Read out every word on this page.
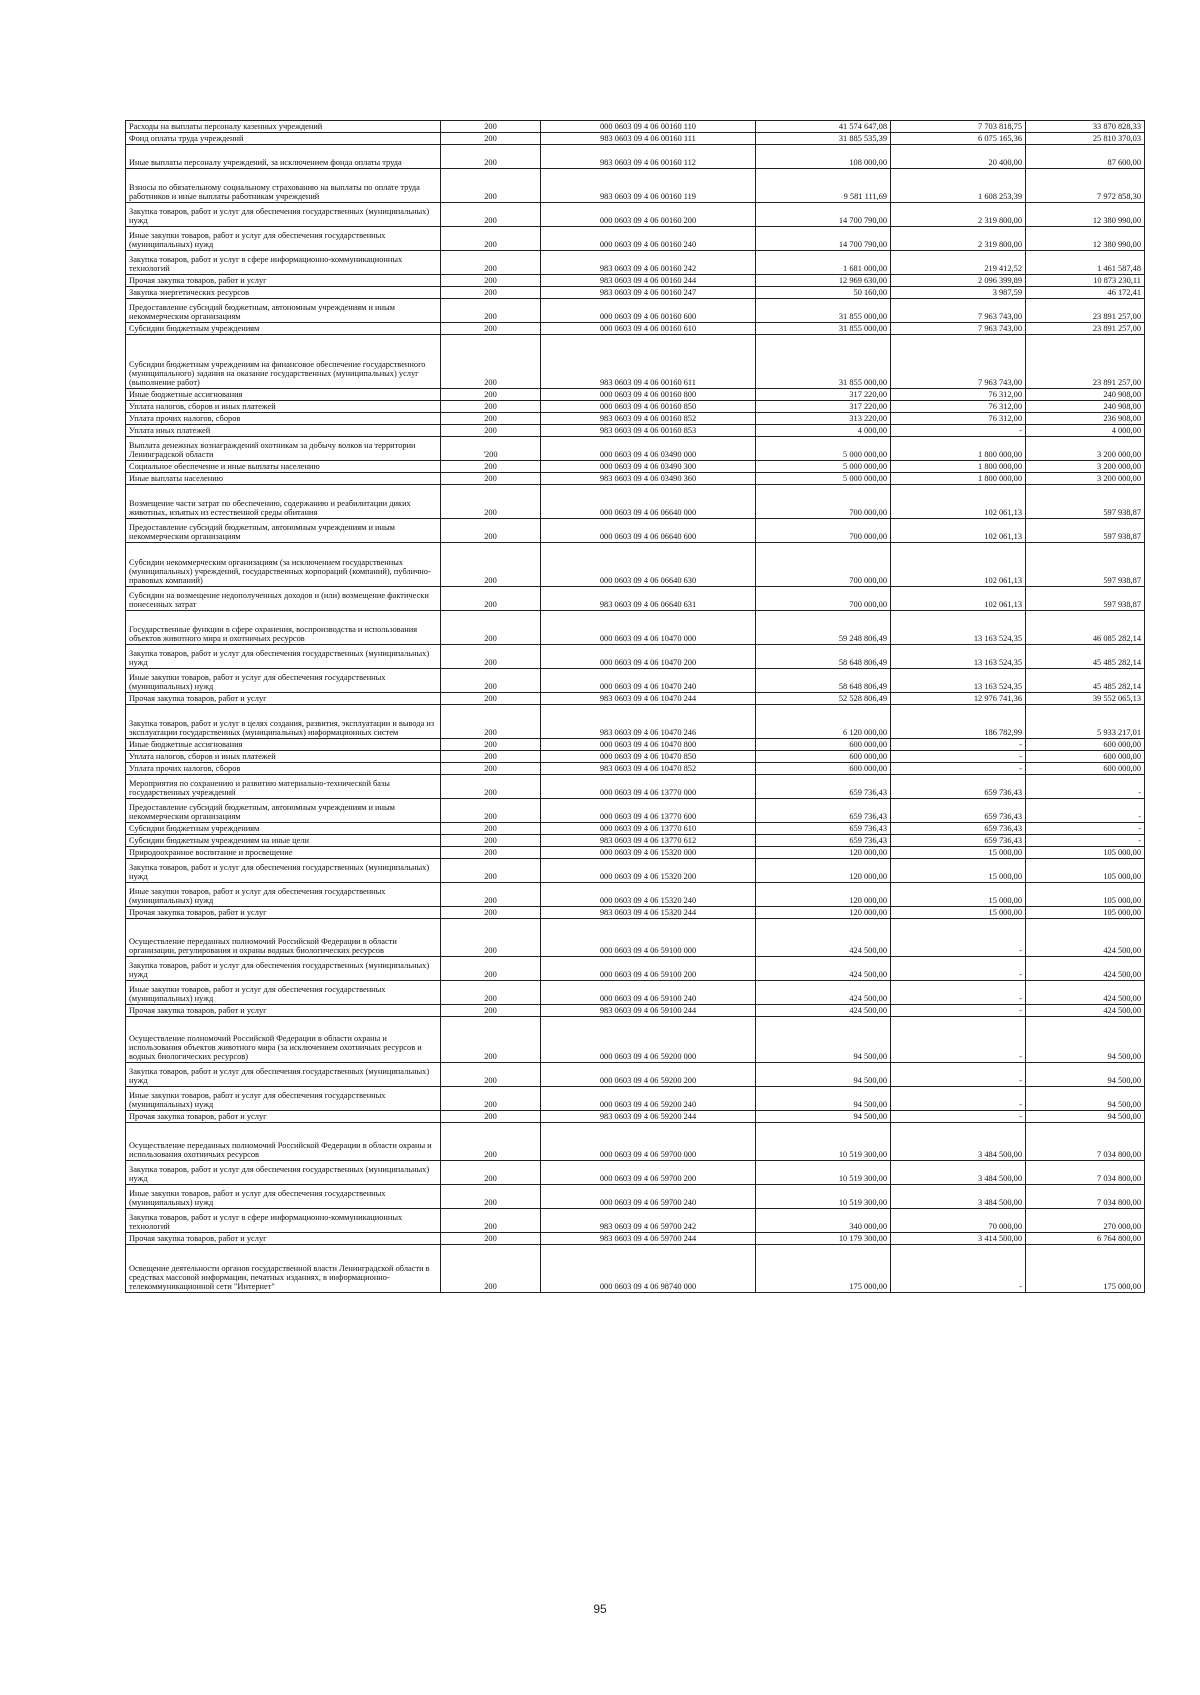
Расходы на выплаты персоналу казенных учреждений	200	000 0603 09 4 06 00160 110	41 574 647,08	7 703 818,75	33 870 828,33
Фонд оплаты труда учреждений	200	983 0603 09 4 06 00160 111	31 885 535,39	6 075 165,36	25 810 370,03
Иные выплаты персоналу учреждений, за исключением фонда оплаты труда	200	983 0603 09 4 06 00160 112	108 000,00	20 400,00	87 600,00
Взносы по обязательному социальному страхованию на выплаты по оплате труда работников и иные выплаты работникам учреждений	200	983 0603 09 4 06 00160 119	9 581 111,69	1 608 253,39	7 972 858,30
Закупка товаров, работ и услуг для обеспечения государственных (муниципальных) нужд	200	000 0603 09 4 06 00160 200	14 700 790,00	2 319 800,00	12 380 990,00
Иные закупки товаров, работ и услуг для обеспечения государственных (муниципальных) нужд	200	000 0603 09 4 06 00160 240	14 700 790,00	2 319 800,00	12 380 990,00
Закупка товаров, работ и услуг в сфере информационно-коммуникационных технологий	200	983 0603 09 4 06 00160 242	1 681 000,00	219 412,52	1 461 587,48
Прочая закупка товаров, работ и услуг	200	983 0603 09 4 06 00160 244	12 969 630,00	2 096 399,89	10 873 230,11
Закупка энергетических ресурсов	200	983 0603 09 4 06 00160 247	50 160,00	3 987,59	46 172,41
Предоставление субсидий бюджетным, автономным учреждениям и иным некоммерческим организациям	200	000 0603 09 4 06 00160 600	31 855 000,00	7 963 743,00	23 891 257,00
Субсидии бюджетным учреждениям	200	000 0603 09 4 06 00160 610	31 855 000,00	7 963 743,00	23 891 257,00
Субсидии бюджетным учреждениям на финансовое обеспечение государственного (муниципального) задания на оказание государственных (муниципальных) услуг (выполнение работ)	200	983 0603 09 4 06 00160 611	31 855 000,00	7 963 743,00	23 891 257,00
Иные бюджетные ассигнования	200	000 0603 09 4 06 00160 800	317 220,00	76 312,00	240 908,00
Уплата налогов, сборов и иных платежей	200	000 0603 09 4 06 00160 850	317 220,00	76 312,00	240 908,00
Уплата прочих налогов, сборов	200	983 0603 09 4 06 00160 852	313 220,00	76 312,00	236 908,00
Уплата иных платежей	200	983 0603 09 4 06 00160 853	4 000,00	-	4 000,00
Выплата денежных вознаграждений охотникам за добычу волков на территории Ленинградской области	'200	000 0603 09 4 06 03490 000	5 000 000,00	1 800 000,00	3 200 000,00
Социальное обеспечение и иные выплаты населению	200	000 0603 09 4 06 03490 300	5 000 000,00	1 800 000,00	3 200 000,00
Иные выплаты населению	200	983 0603 09 4 06 03490 360	5 000 000,00	1 800 000,00	3 200 000,00
Возмещение части затрат по обеспечению, содержанию и реабилитации диких животных, изъятых из естественной среды обитания	200	000 0603 09 4 06 06640 000	700 000,00	102 061,13	597 938,87
Предоставление субсидий бюджетным, автономным учреждениям и иным некоммерческим организациям	200	000 0603 09 4 06 06640 600	700 000,00	102 061,13	597 938,87
Субсидии некоммерческим организациям (за исключением государственных (муниципальных) учреждений, государственных корпораций (компаний), публично-правовых компаний)	200	000 0603 09 4 06 06640 630	700 000,00	102 061,13	597 938,87
Субсидии на возмещение недополученных доходов и (или) возмещение фактически понесенных затрат	200	983 0603 09 4 06 06640 631	700 000,00	102 061,13	597 938,87
Государственные функции в сфере охранения, воспроизводства и использования объектов животного мира и охотничьих ресурсов	200	000 0603 09 4 06 10470 000	59 248 806,49	13 163 524,35	46 085 282,14
Закупка товаров, работ и услуг для обеспечения государственных (муниципальных) нужд	200	000 0603 09 4 06 10470 200	58 648 806,49	13 163 524,35	45 485 282,14
Иные закупки товаров, работ и услуг для обеспечения государственных (муниципальных) нужд	200	000 0603 09 4 06 10470 240	58 648 806,49	13 163 524,35	45 485 282,14
Прочая закупка товаров, работ и услуг	200	983 0603 09 4 06 10470 244	52 528 806,49	12 976 741,36	39 552 065,13
Закупка товаров, работ и услуг в целях создания, развития, эксплуатации и вывода из эксплуатации государственных (муниципальных) информационных систем	200	983 0603 09 4 06 10470 246	6 120 000,00	186 782,99	5 933 217,01
Иные бюджетные ассигнования	200	000 0603 09 4 06 10470 800	600 000,00	-	600 000,00
Уплата налогов, сборов и иных платежей	200	000 0603 09 4 06 10470 850	600 000,00	-	600 000,00
Уплата прочих налогов, сборов	200	983 0603 09 4 06 10470 852	600 000,00	-	600 000,00
Мероприятия по сохранению и развитию материально-технической базы государственных учреждений	200	000 0603 09 4 06 13770 000	659 736,43	659 736,43	-
Предоставление субсидий бюджетным, автономным учреждениям и иным некоммерческим организациям	200	000 0603 09 4 06 13770 600	659 736,43	659 736,43	-
Субсидии бюджетным учреждениям	200	000 0603 09 4 06 13770 610	659 736,43	659 736,43	-
Субсидии бюджетным учреждениям на иные цели	200	983 0603 09 4 06 13770 612	659 736,43	659 736,43	-
Природоохранное воспитание и просвещение	200	000 0603 09 4 06 15320 000	120 000,00	15 000,00	105 000,00
Закупка товаров, работ и услуг для обеспечения государственных (муниципальных) нужд	200	000 0603 09 4 06 15320 200	120 000,00	15 000,00	105 000,00
Иные закупки товаров, работ и услуг для обеспечения государственных (муниципальных) нужд	200	000 0603 09 4 06 15320 240	120 000,00	15 000,00	105 000,00
Прочая закупка товаров, работ и услуг	200	983 0603 09 4 06 15320 244	120 000,00	15 000,00	105 000,00
Осуществление переданных полномочий Российской Федерации в области организации, регулирования и охраны водных биологических ресурсов	200	000 0603 09 4 06 59100 000	424 500,00	-	424 500,00
Закупка товаров, работ и услуг для обеспечения государственных (муниципальных) нужд	200	000 0603 09 4 06 59100 200	424 500,00	-	424 500,00
Иные закупки товаров, работ и услуг для обеспечения государственных (муниципальных) нужд	200	000 0603 09 4 06 59100 240	424 500,00	-	424 500,00
Прочая закупка товаров, работ и услуг	200	983 0603 09 4 06 59100 244	424 500,00	-	424 500,00
Осуществление полномочий Российской Федерации в области охраны и использования объектов животного мира (за исключением охотничьих ресурсов и водных биологических ресурсов)	200	000 0603 09 4 06 59200 000	94 500,00	-	94 500,00
Закупка товаров, работ и услуг для обеспечения государственных (муниципальных) нужд	200	000 0603 09 4 06 59200 200	94 500,00	-	94 500,00
Иные закупки товаров, работ и услуг для обеспечения государственных (муниципальных) нужд	200	000 0603 09 4 06 59200 240	94 500,00	-	94 500,00
Прочая закупка товаров, работ и услуг	200	983 0603 09 4 06 59200 244	94 500,00	-	94 500,00
Осуществление переданных полномочий Российской Федерации в области охраны и использования охотничьих ресурсов	200	000 0603 09 4 06 59700 000	10 519 300,00	3 484 500,00	7 034 800,00
Закупка товаров, работ и услуг для обеспечения государственных (муниципальных) нужд	200	000 0603 09 4 06 59700 200	10 519 300,00	3 484 500,00	7 034 800,00
Иные закупки товаров, работ и услуг для обеспечения государственных (муниципальных) нужд	200	000 0603 09 4 06 59700 240	10 519 300,00	3 484 500,00	7 034 800,00
Закупка товаров, работ и услуг в сфере информационно-коммуникационных технологий	200	983 0603 09 4 06 59700 242	340 000,00	70 000,00	270 000,00
Прочая закупка товаров, работ и услуг	200	983 0603 09 4 06 59700 244	10 179 300,00	3 414 500,00	6 764 800,00
Освещение деятельности органов государственной власти Ленинградской области в средствах массовой информации, печатных изданиях, в информационно-телекоммуникационной сети "Интернет"	200	000 0603 09 4 06 98740 000	175 000,00	-	175 000,00
95
